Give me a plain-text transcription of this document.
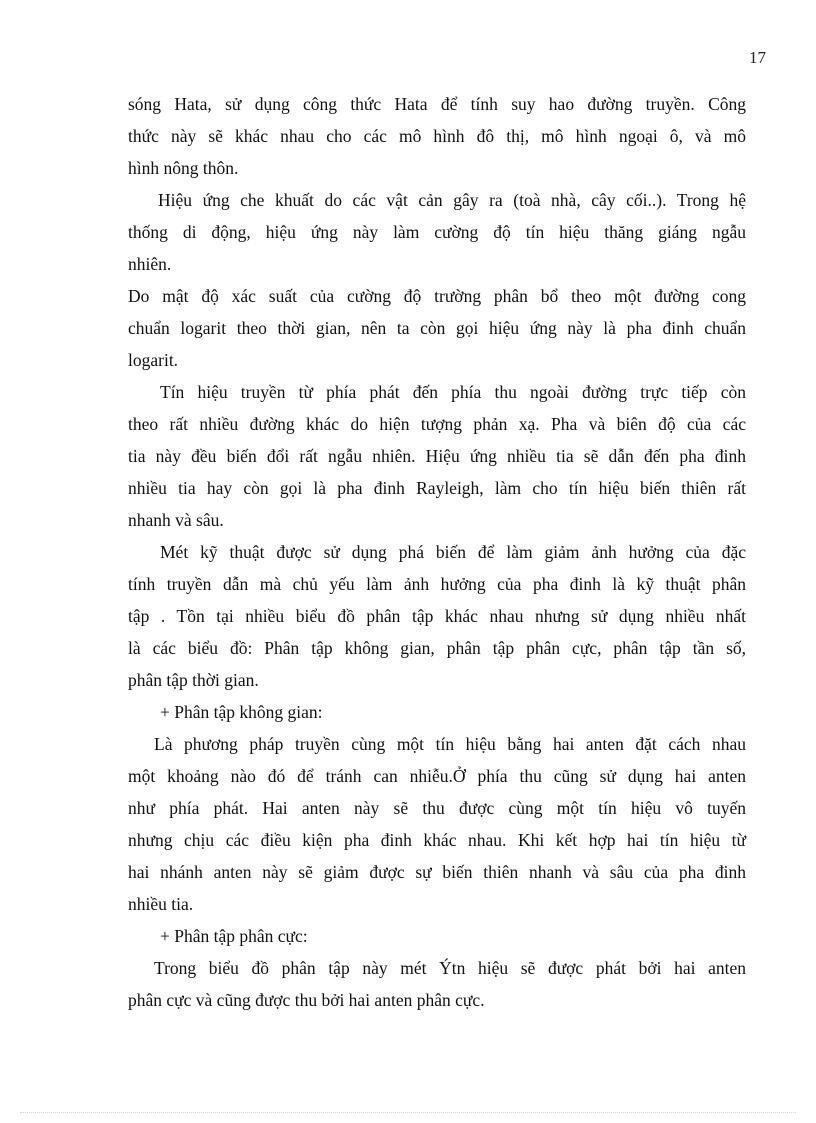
17
sóng Hata, sử dụng công thức Hata để tính suy hao đường truyền. Công
thức này sẽ khác nhau cho các mô hình đô thị, mô hình ngoại ô, và mô
hình nông thôn.
Hiệu ứng che khuất do các vật cản gây ra (toà nhà, cây cối..). Trong hệ
thống di động, hiệu ứng này làm cường độ tín hiệu thăng giáng ngẫu
nhiên.
Do mật độ xác suất của cường độ trường phân bổ theo một đường cong
chuẩn logarit theo thời gian, nên ta còn gọi hiệu ứng này là pha đinh chuẩn
logarit.
Tín hiệu truyền từ phía phát đến phía thu ngoài đường trực tiếp còn
theo rất nhiều đường khác do hiện tượng phản xạ. Pha và biên độ của các
tia này đều biến đổi rất ngẫu nhiên. Hiệu ứng nhiều tia sẽ dẫn đến pha đinh
nhiều tia hay còn gọi là pha đinh Rayleigh, làm cho tín hiệu biến thiên rất
nhanh và sâu.
Mét kỹ thuật được sử dụng phá biến để làm giảm ảnh hưởng của đặc
tính truyền dẫn mà chủ yếu làm ảnh hưởng của pha đinh là kỹ thuật phân
tập . Tồn tại nhiều biểu đồ phân tập khác nhau nhưng sử dụng nhiều nhất
là các biểu đồ: Phân tập không gian, phân tập phân cực, phân tập tần số,
phân tập thời gian.
+ Phân tập không gian:
Là phương pháp truyền cùng một tín hiệu bằng hai anten đặt cách nhau
một khoảng nào đó để tránh can nhiễu.Ở phía thu cũng sử dụng hai anten
như phía phát. Hai anten này sẽ thu được cùng một tín hiệu vô tuyến
nhưng chịu các điều kiện pha đinh khác nhau. Khi kết hợp hai tín hiệu từ
hai nhánh anten này sẽ giảm được sự biến thiên nhanh và sâu của pha đinh
nhiều tia.
+ Phân tập phân cực:
Trong biểu đồ phân tập này mét Ýtn hiệu sẽ được phát bởi hai anten
phân cực và cũng được thu bởi hai anten phân cực.
